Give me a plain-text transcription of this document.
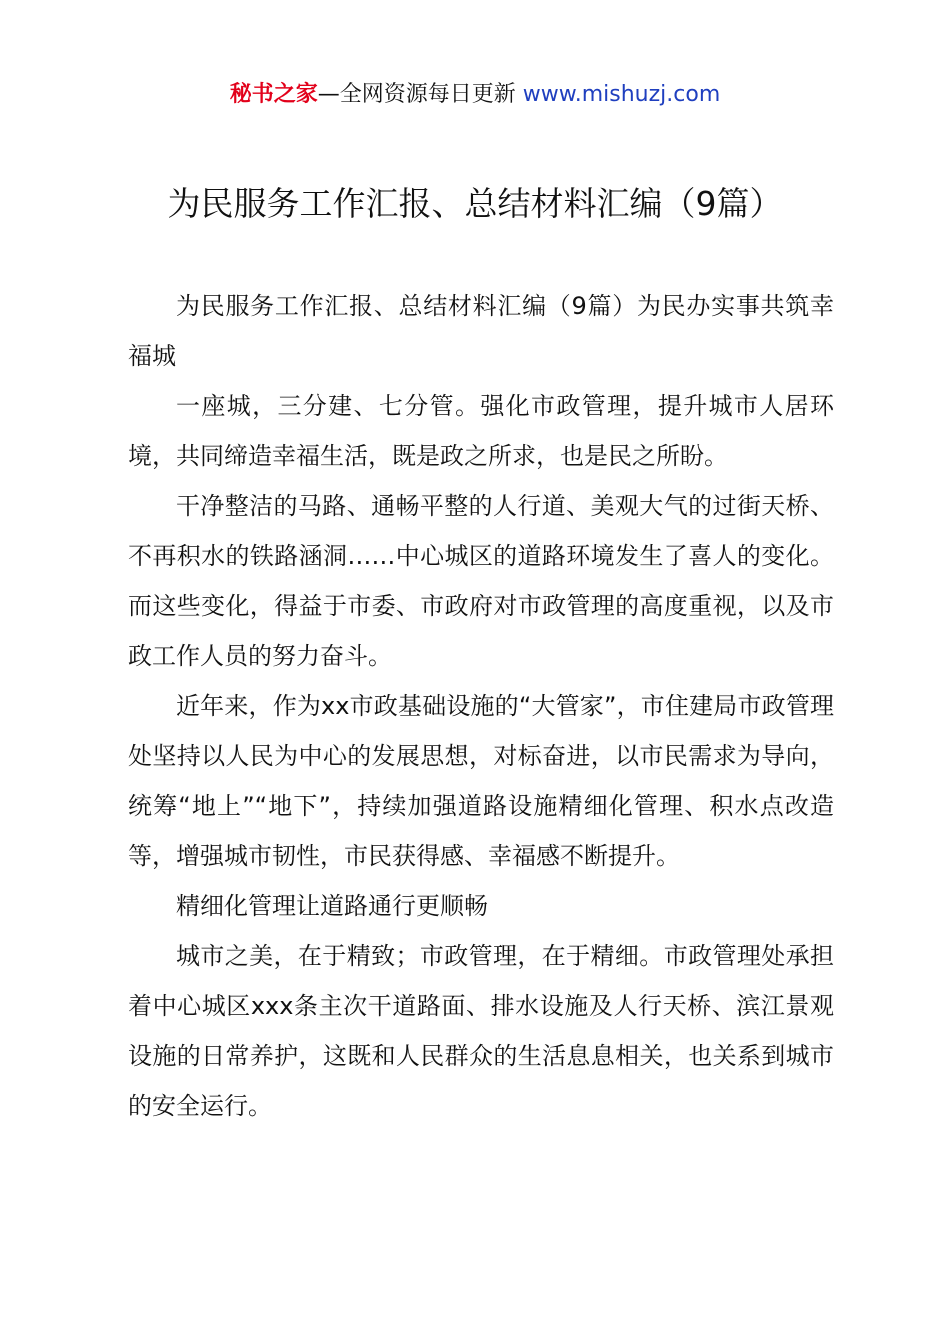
秘书之家—全网资源每日更新 www.mishuzj.com
为民服务工作汇报、总结材料汇编（9篇）

为民服务工作汇报、总结材料汇编（9篇）为民办实事共筑幸福城

一座城，三分建、七分管。强化市政管理，提升城市人居环境，共同缔造幸福生活，既是政之所求，也是民之所盼。

干净整洁的马路、通畅平整的人行道、美观大气的过街天桥、不再积水的铁路涵洞……中心城区的道路环境发生了喜人的变化。而这些变化，得益于市委、市政府对市政管理的高度重视，以及市政工作人员的努力奋斗。

近年来，作为xx市政基础设施的“大管家”，市住建局市政管理处坚持以人民为中心的发展思想，对标奋进，以市民需求为导向，统筹“地上”“地下”，持续加强道路设施精细化管理、积水点改造等，增强城市韧性，市民获得感、幸福感不断提升。

精细化管理让道路通行更顺畅

城市之美，在于精致；市政管理，在于精细。市政管理处承担着中心城区xxx条主次干道路面、排水设施及人行天桥、滨江景观设施的日常养护，这既和人民群众的生活息息相关，也关系到城市的安全运行。
